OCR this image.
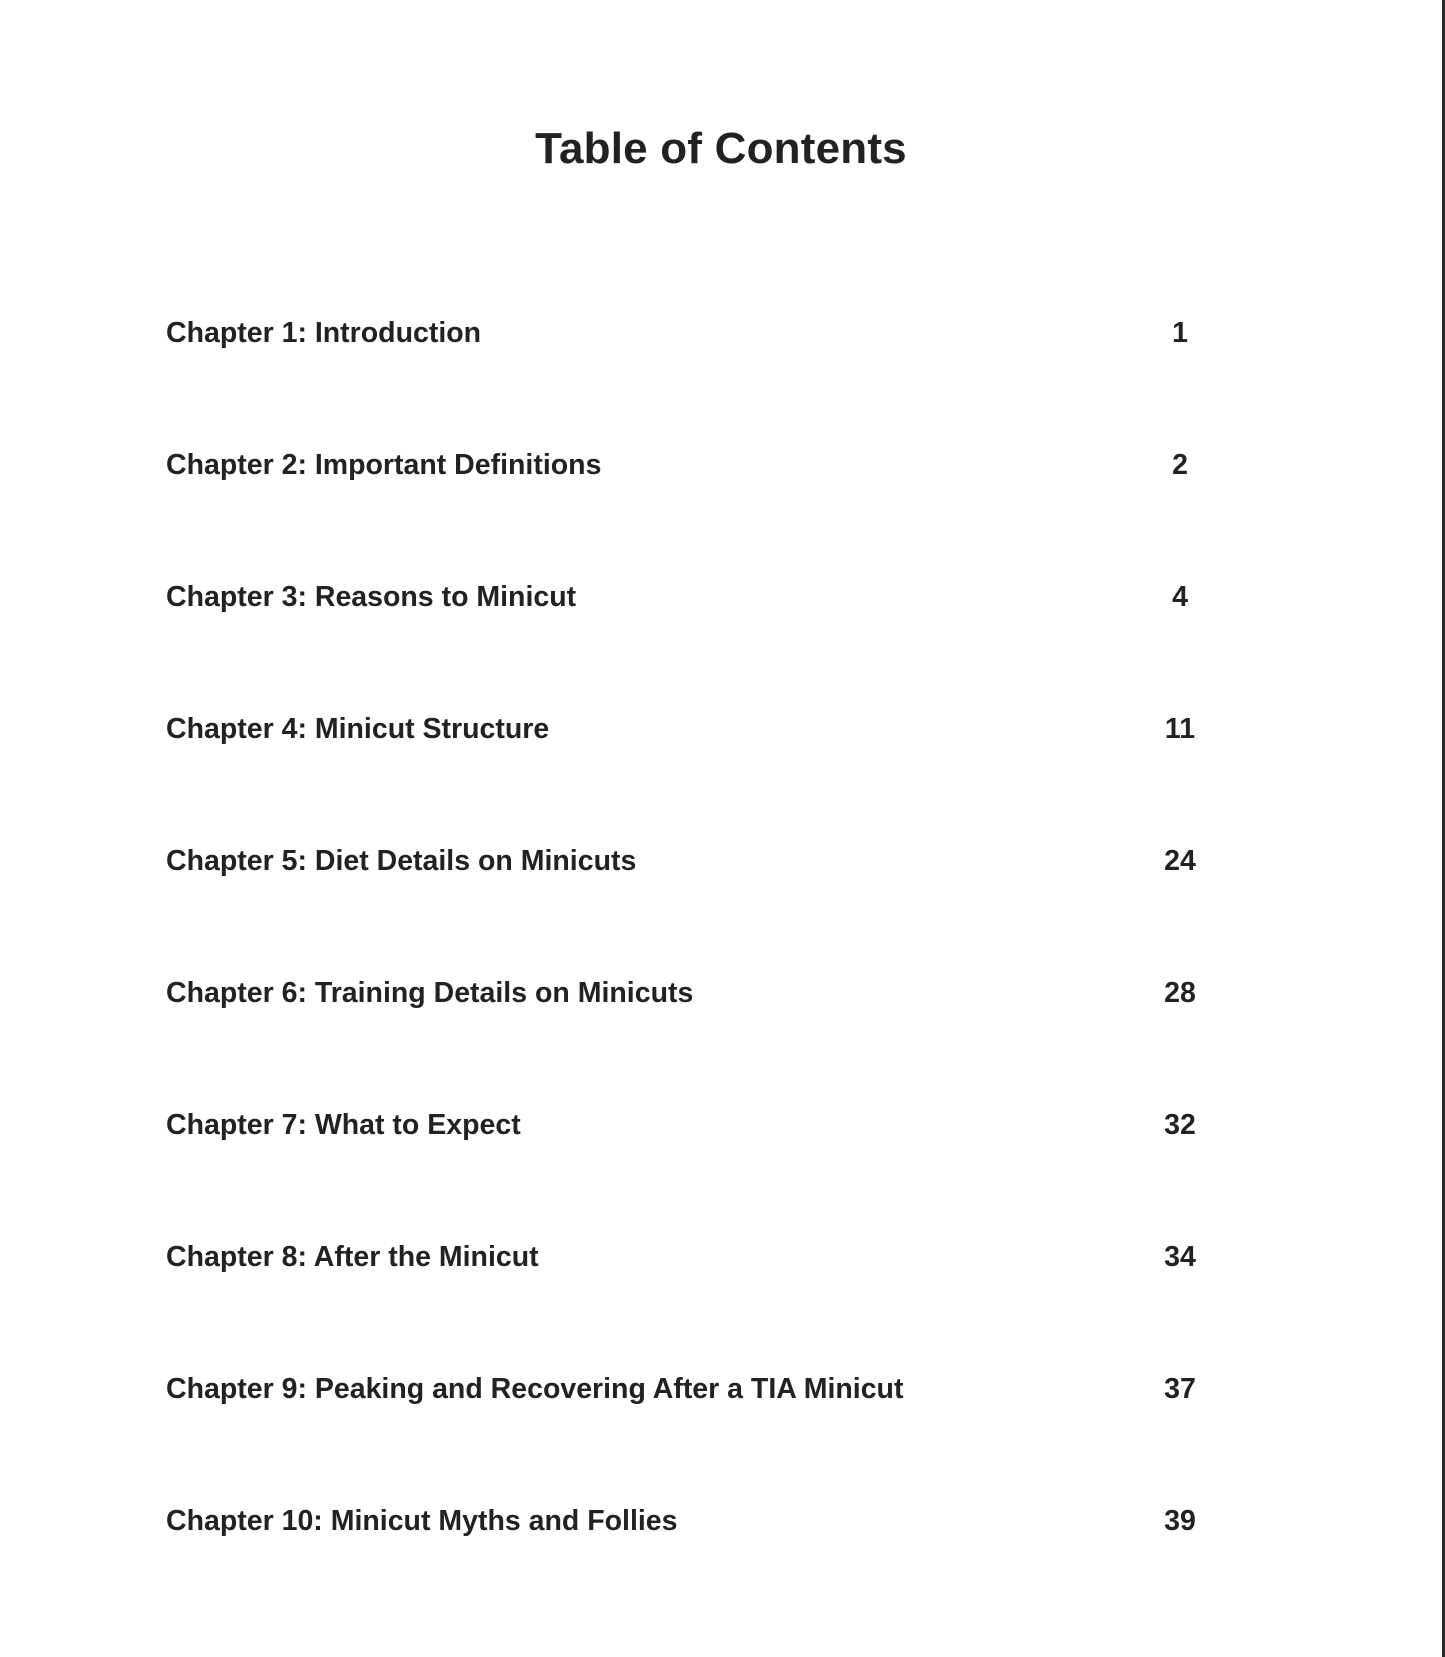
Table of Contents
Chapter 1: Introduction	1
Chapter 2: Important Definitions	2
Chapter 3: Reasons to Minicut	4
Chapter 4: Minicut Structure	11
Chapter 5: Diet Details on Minicuts	24
Chapter 6: Training Details on Minicuts	28
Chapter 7: What to Expect	32
Chapter 8: After the Minicut	34
Chapter 9: Peaking and Recovering After a TIA Minicut	37
Chapter 10: Minicut Myths and Follies	39
